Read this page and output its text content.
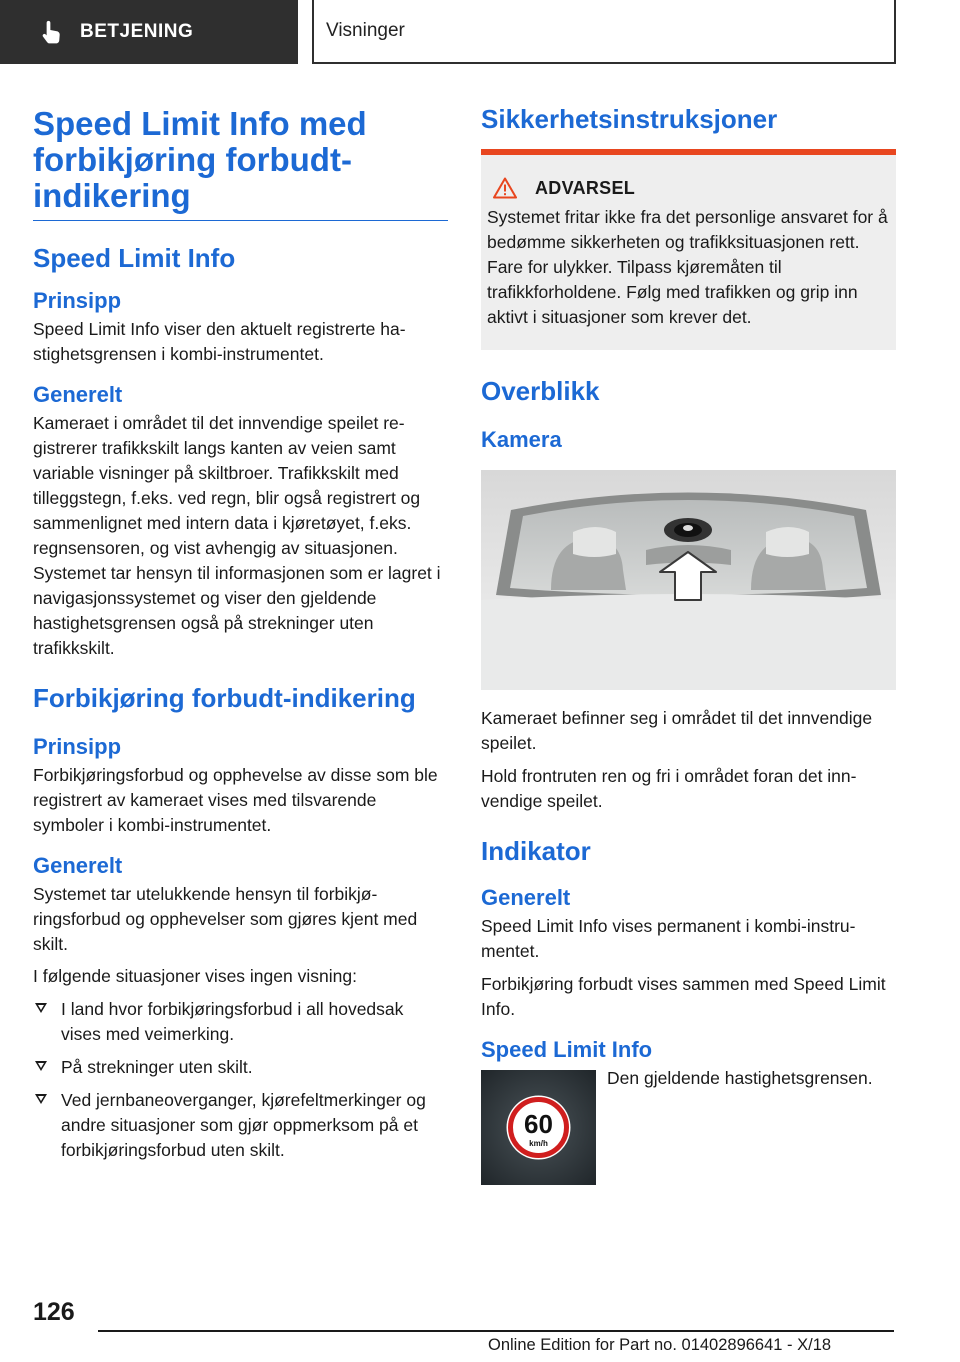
BETJENING	Visninger
Speed Limit Info med forbikjøring forbudt-indikering
Speed Limit Info
Prinsipp

Speed Limit Info viser den aktuelt registrerte hastighetsgrensen i kombi-instrumentet.

Generelt

Kameraet i området til det innvendige speilet registrerer trafikkskilt langs kanten av veien samt variable visninger på skiltbroer. Trafikkskilt med tilleggstegn, f.eks. ved regn, blir også registrert og sammenlignet med intern data i kjøretøyet, f.eks. regnsensoren, og vist avhengig av situasjonen. Systemet tar hensyn til informasjonen som er lagret i navigasjonssystemet og viser den gjeldende hastighetsgrensen også på strekninger uten trafikkskilt.

Forbikjøring forbudt-indikering
Prinsipp

Forbikjøringsforbud og opphevelse av disse som ble registrert av kameraet vises med tilsvarende symboler i kombi-instrumentet.

Generelt

Systemet tar utelukkende hensyn til forbikjøringsforbud og opphevelser som gjøres kjent med skilt.

I følgende situasjoner vises ingen visning:

I land hvor forbikjøringsforbud i all hovedsak vises med veimerking.
På strekninger uten skilt.
Ved jernbaneoverganger, kjørefeltmerkinger og andre situasjoner som gjør oppmerksom på et forbikjøringsforbud uten skilt.
Sikkerhetsinstruksjoner
ADVARSEL

Systemet fritar ikke fra det personlige ansvaret for å bedømme sikkerheten og trafikksituasjonen rett. Fare for ulykker. Tilpass kjøremåten til trafikkforholdene. Følg med trafikken og grip inn aktivt i situasjoner som krever det.

Overblikk
Kamera

Kameraet befinner seg i området til det innvendige speilet.

Hold frontruten ren og fri i området foran det innvendige speilet.

Indikator
Generelt

Speed Limit Info vises permanent i kombi-instrumentet.

Forbikjøring forbudt vises sammen med Speed Limit Info.

Speed Limit Info
60
km/h

Den gjeldende hastighetsgrensen.

126
Online Edition for Part no. 01402896641 - X/18
